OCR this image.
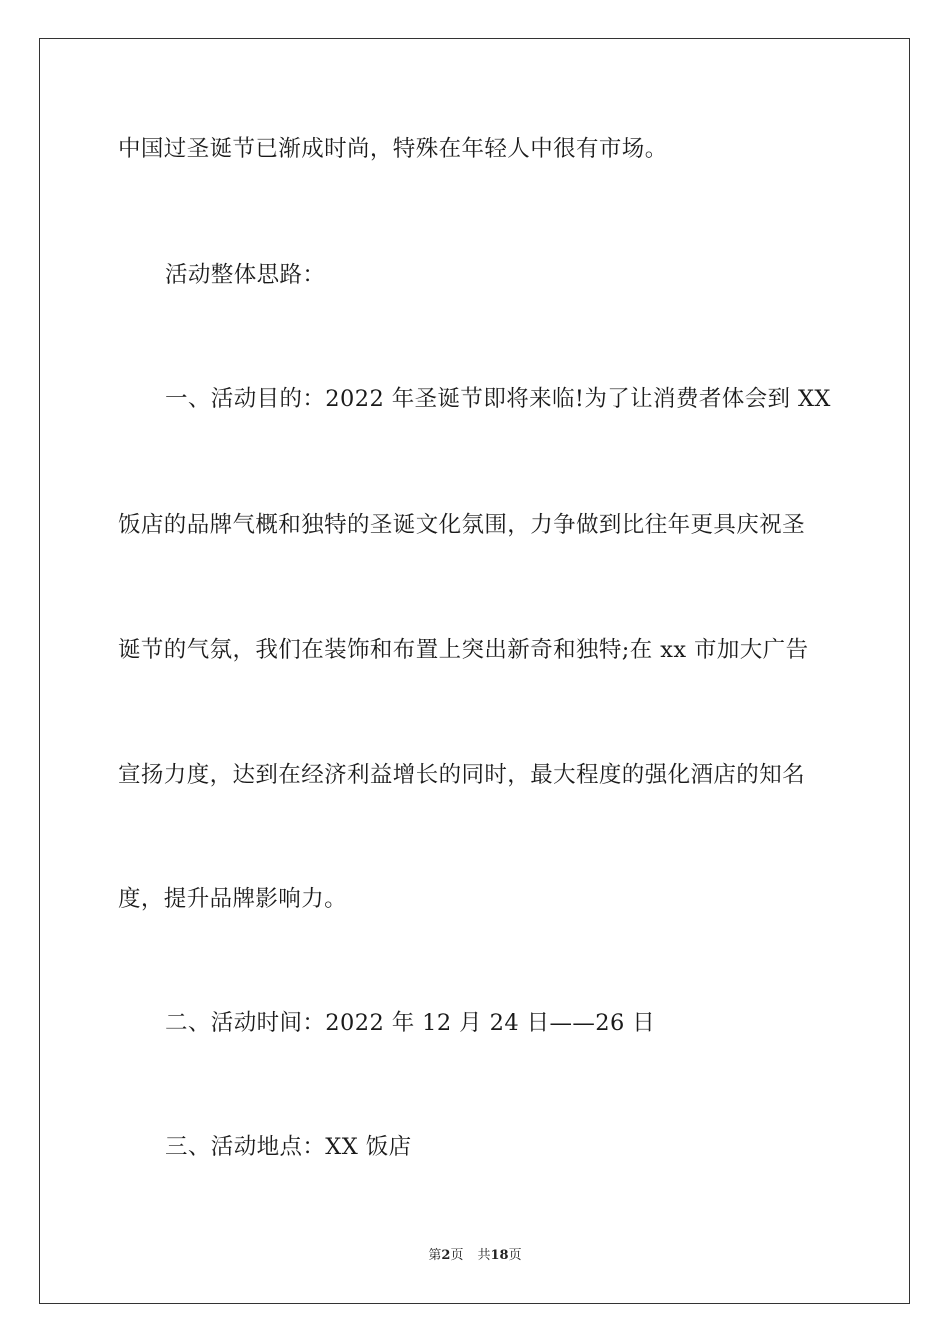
中国过圣诞节已渐成时尚，特殊在年轻人中很有市场。
活动整体思路：
一、活动目的：2022 年圣诞节即将来临!为了让消费者体会到 XX
饭店的品牌气概和独特的圣诞文化氛围，力争做到比往年更具庆祝圣
诞节的气氛，我们在装饰和布置上突出新奇和独特;在 xx 市加大广告
宣扬力度，达到在经济利益增长的同时，最大程度的强化酒店的知名
度，提升品牌影响力。
二、活动时间：2022 年 12 月 24 日——26 日
三、活动地点：XX 饭店
第2页 共18页
